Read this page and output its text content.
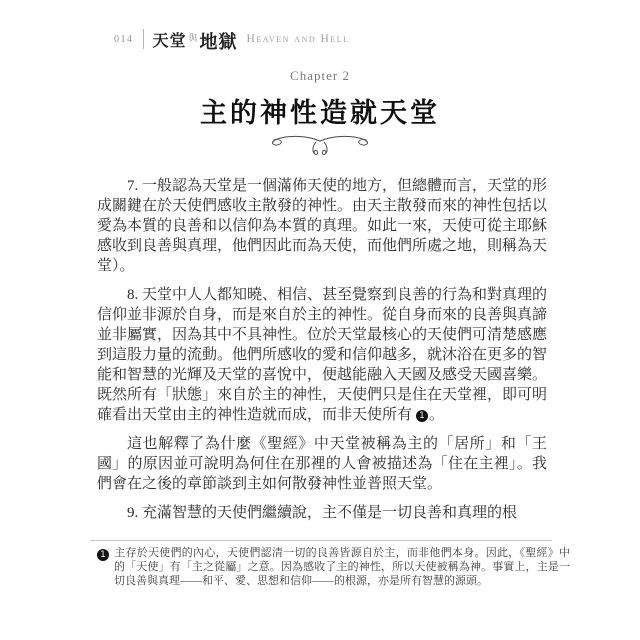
014 天堂 與 地獄 Heaven and Hell
Chapter 2
主的神性造就天堂

7. 一般認為天堂是一個滿佈天使的地方，但總體而言，天堂的形成關鍵在於天使們感收主散發的神性。由天主散發而來的神性包括以愛為本質的良善和以信仰為本質的真理。如此一來，天使可從主耶穌感收到良善與真理，他們因此而為天使，而他們所處之地，則稱為天堂）。

8. 天堂中人人都知曉、相信、甚至覺察到良善的行為和對真理的信仰並非源於自身，而是來自於主的神性。從自身而來的良善與真諦並非屬實，因為其中不具神性。位於天堂最核心的天使們可清楚感應到這股力量的流動。他們所感收的愛和信仰越多，就沐浴在更多的智能和智慧的光輝及天堂的喜悅中，便越能融入天國及感受天國喜樂。既然所有「狀態」來自於主的神性，天使們只是住在天堂裡，即可明確看出天堂由主的神性造就而成，而非天使所有 1 。

這也解釋了為什麼《聖經》中天堂被稱為主的「居所」和「王國」的原因並可說明為何住在那裡的人會被描述為「住在主裡」。我們會在之後的章節談到主如何散發神性並普照天堂。

9. 充滿智慧的天使們繼續說，主不僅是一切良善和真理的根

1 主存於天使們的內心，天使們認清一切的良善皆源自於主，而非他們本身。因此，《聖經》中的「天使」有「主之從屬」之意。因為感收了主的神性，所以天使被稱為神。事實上，主是一切良善與真理——和平、愛、思想和信仰——的根源，亦是所有智慧的源頭。
